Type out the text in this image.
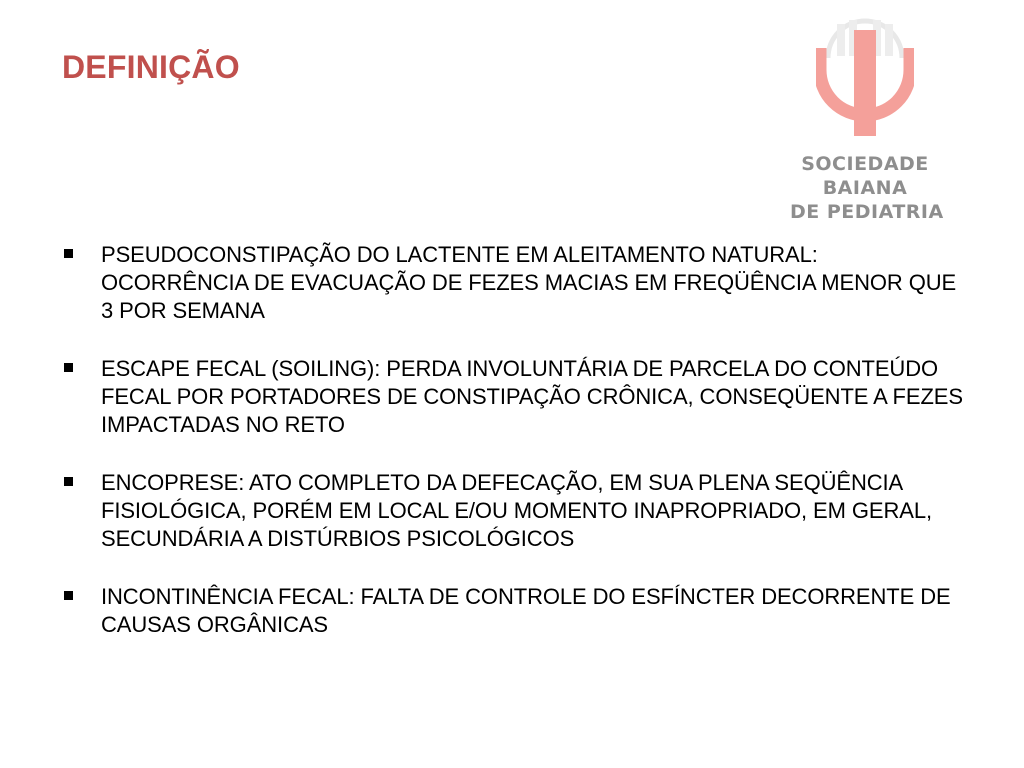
DEFINIÇÃO
SOCIEDADE
BAIANA
DE PEDIATRIA
PSEUDOCONSTIPAÇÃO DO LACTENTE EM ALEITAMENTO NATURAL: OCORRÊNCIA DE EVACUAÇÃO DE FEZES MACIAS EM FREQÜÊNCIA MENOR QUE 3 POR SEMANA
ESCAPE FECAL (SOILING): PERDA INVOLUNTÁRIA DE PARCELA DO CONTEÚDO FECAL POR PORTADORES DE CONSTIPAÇÃO CRÔNICA, CONSEQÜENTE A FEZES IMPACTADAS NO RETO
ENCOPRESE: ATO COMPLETO DA DEFECAÇÃO, EM SUA PLENA SEQÜÊNCIA FISIOLÓGICA, PORÉM EM LOCAL E/OU MOMENTO INAPROPRIADO, EM GERAL, SECUNDÁRIA A DISTÚRBIOS PSICOLÓGICOS
INCONTINÊNCIA FECAL: FALTA DE CONTROLE DO ESFÍNCTER DECORRENTE DE CAUSAS ORGÂNICAS
